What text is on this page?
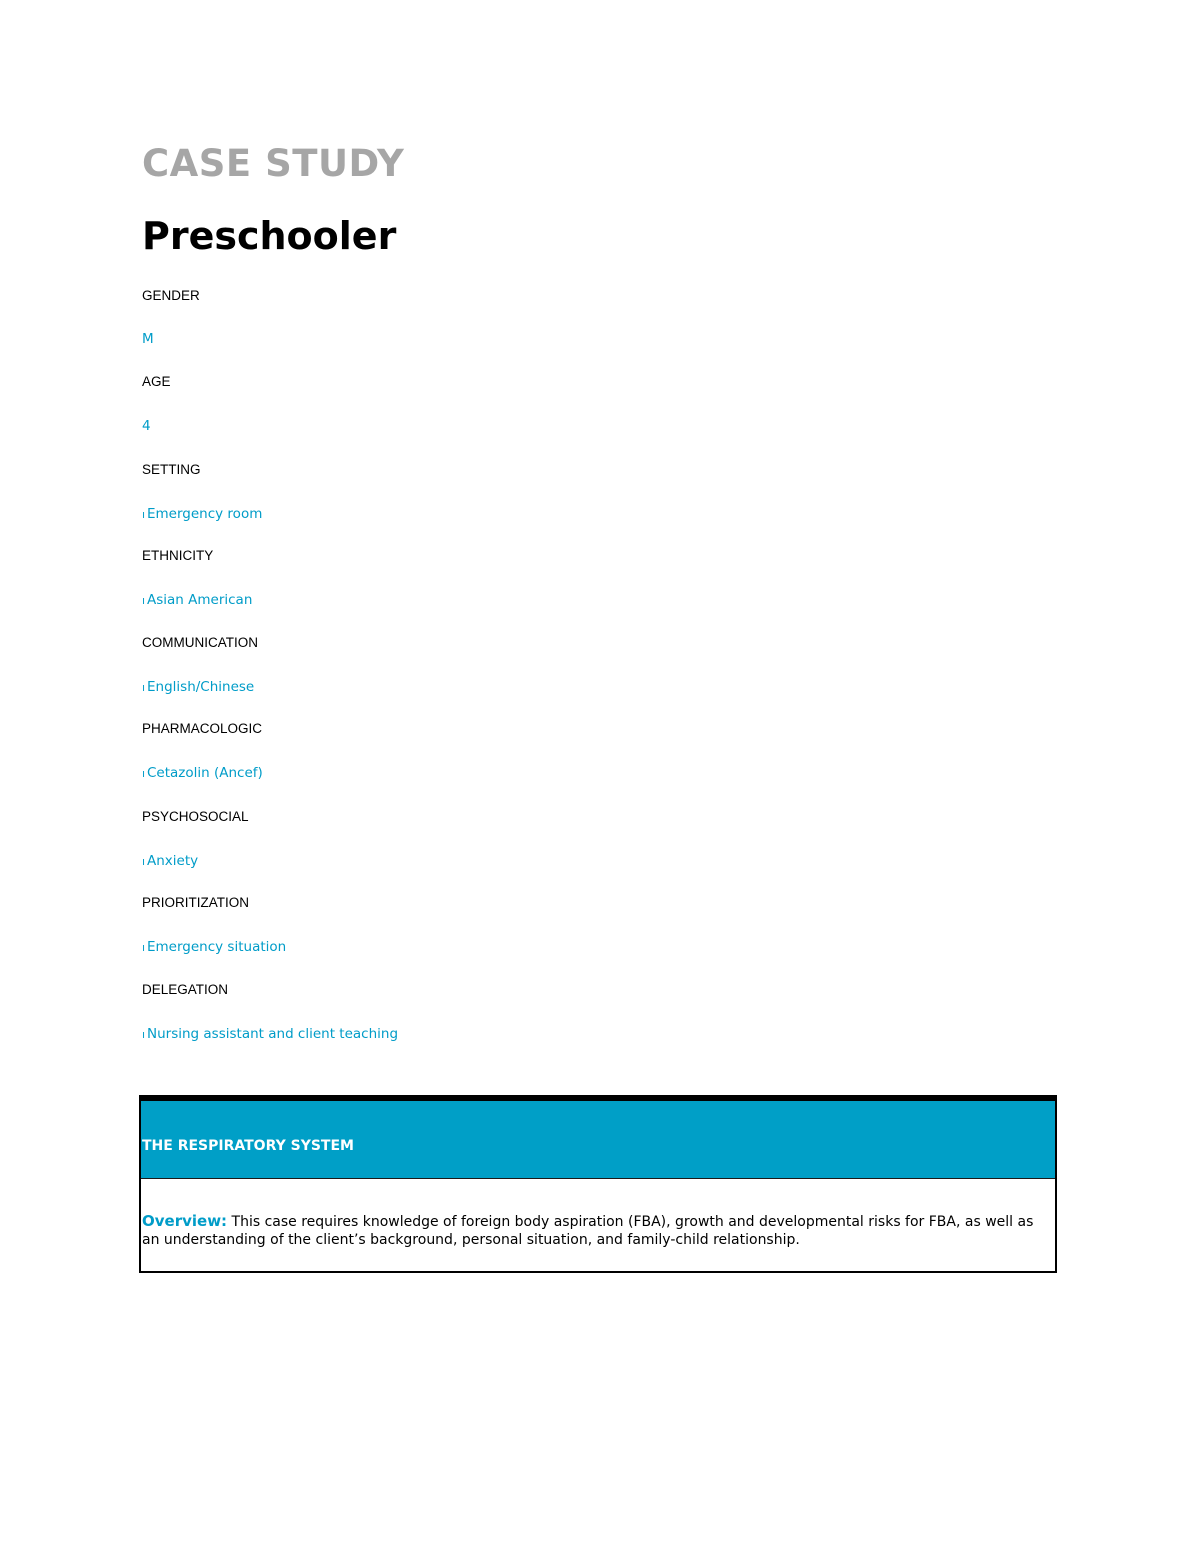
CASE STUDY
Preschooler
GENDER
M
AGE
4
SETTING
ı Emergency room
ETHNICITY
ı Asian American
COMMUNICATION
ı English/Chinese
PHARMACOLOGIC
ı Cetazolin (Ancef)
PSYCHOSOCIAL
ı Anxiety
PRIORITIZATION
ı Emergency situation
DELEGATION
ı Nursing assistant and client teaching
THE RESPIRATORY SYSTEM

Overview: This case requires knowledge of foreign body aspiration (FBA), growth and developmental risks for FBA, as well as an understanding of the client’s background, personal situation, and family-child relationship.
